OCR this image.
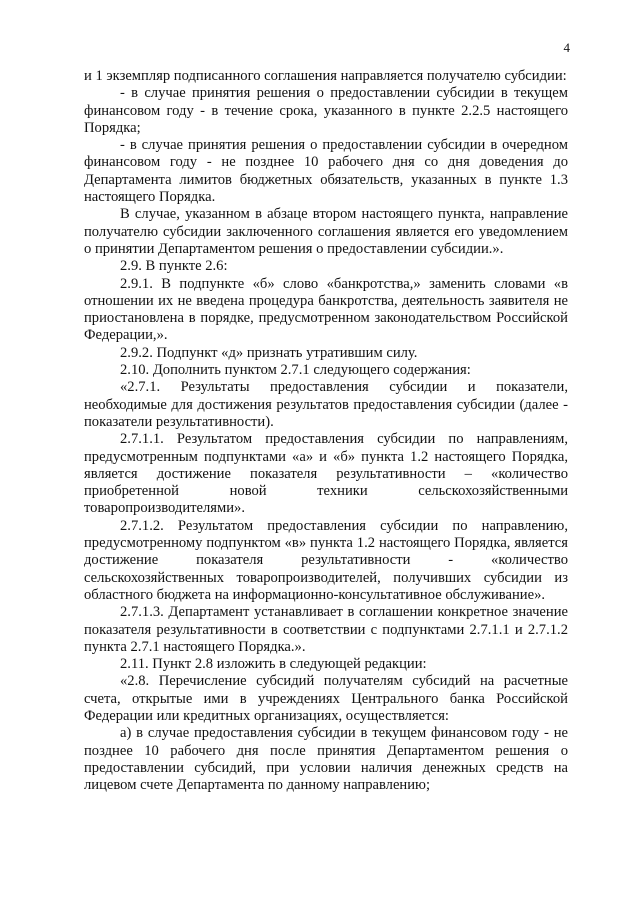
4

и 1 экземпляр подписанного соглашения направляется получателю субсидии:

- в случае принятия решения о предоставлении субсидии в текущем финансовом году - в течение срока, указанного в пункте 2.2.5 настоящего Порядка;

- в случае принятия решения о предоставлении субсидии в очередном финансовом году - не позднее 10 рабочего дня со дня доведения до Департамента лимитов бюджетных обязательств, указанных в пункте 1.3 настоящего Порядка.

В случае, указанном в абзаце втором настоящего пункта, направление получателю субсидии заключенного соглашения является его уведомлением о принятии Департаментом решения о предоставлении субсидии.».

2.9. В пункте 2.6:

2.9.1. В подпункте «б» слово «банкротства,» заменить словами «в отношении их не введена процедура банкротства, деятельность заявителя не приостановлена в порядке, предусмотренном законодательством Российской Федерации,».

2.9.2. Подпункт «д» признать утратившим силу.

2.10. Дополнить пунктом 2.7.1 следующего содержания:

«2.7.1. Результаты предоставления субсидии и показатели, необходимые для достижения результатов предоставления субсидии (далее - показатели результативности).

2.7.1.1. Результатом предоставления субсидии по направлениям, предусмотренным подпунктами «а» и «б» пункта 1.2 настоящего Порядка, является достижение показателя результативности – «количество приобретенной новой техники сельскохозяйственными товаропроизводителями».

2.7.1.2. Результатом предоставления субсидии по направлению, предусмотренному подпунктом «в» пункта 1.2 настоящего Порядка, является достижение показателя результативности - «количество сельскохозяйственных товаропроизводителей, получивших субсидии из областного бюджета на информационно-консультативное обслуживание».

2.7.1.3. Департамент устанавливает в соглашении конкретное значение показателя результативности в соответствии с подпунктами 2.7.1.1 и 2.7.1.2 пункта 2.7.1 настоящего Порядка.».

2.11. Пункт 2.8 изложить в следующей редакции:

«2.8. Перечисление субсидий получателям субсидий на расчетные счета, открытые ими в учреждениях Центрального банка Российской Федерации или кредитных организациях, осуществляется:

а) в случае предоставления субсидии в текущем финансовом году - не позднее 10 рабочего дня после принятия Департаментом решения о предоставлении субсидий, при условии наличия денежных средств на лицевом счете Департамента по данному направлению;
